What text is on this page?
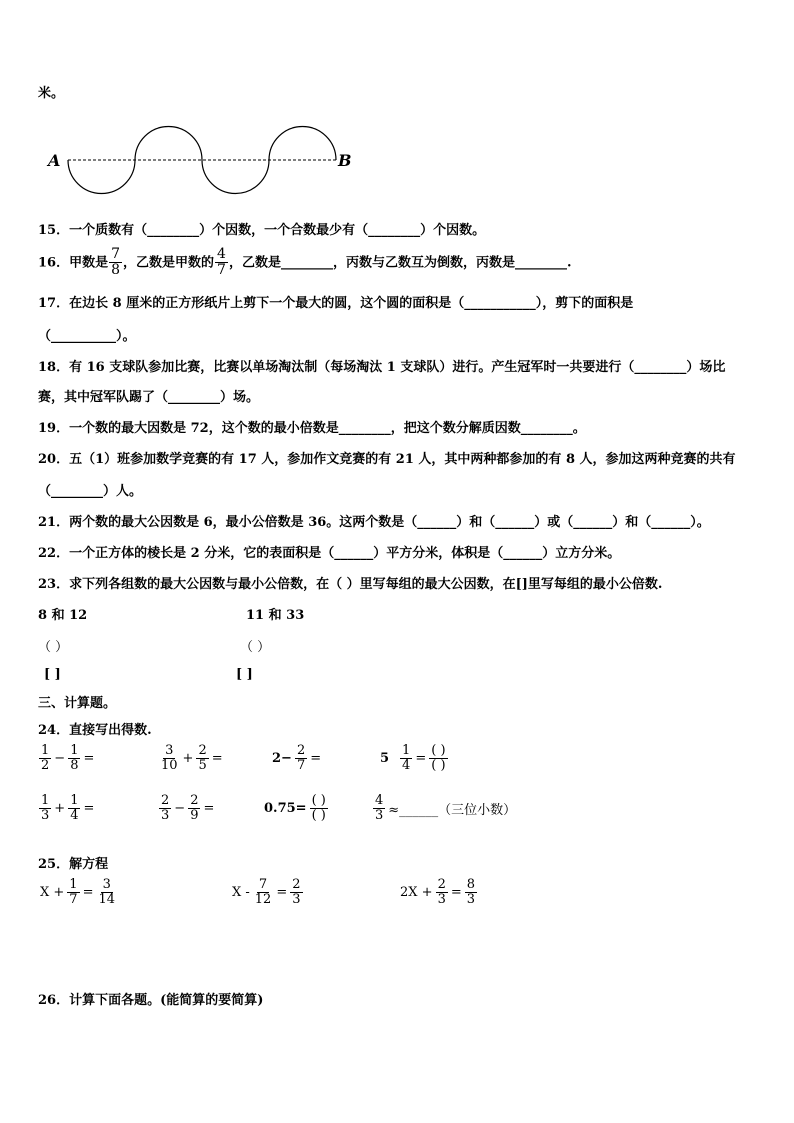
米。
A	B
15．一个质数有（________）个因数，一个合数最少有（________）个因数。
16．甲数是 $\frac{7}{8}$ ，乙数是甲数的 $\frac{4}{7}$ ，乙数是________，丙数与乙数互为倒数，丙数是________.
17．在边长 8 厘米的正方形纸片上剪下一个最大的圆，这个圆的面积是（___________），剪下的面积是
（__________）。
18．有 16 支球队参加比赛，比赛以单场淘汰制（每场淘汰 1 支球队）进行。产生冠军时一共要进行（________）场比
赛，其中冠军队踢了（________）场。
19．一个数的最大因数是 72，这个数的最小倍数是________，把这个数分解质因数________。
20．五（1）班参加数学竞赛的有 17 人，参加作文竞赛的有 21 人，其中两种都参加的有 8 人，参加这两种竞赛的共有
（________）人。
21．两个数的最大公因数是 6，最小公倍数是 36。这两个数是（______）和（______）或（______）和（______）。
22．一个正方体的棱长是 2 分米，它的表面积是（______）平方分米，体积是（______）立方分米。
23．求下列各组数的最大公因数与最小公倍数，在（ ）里写每组的最大公因数，在[]里写每组的最小公倍数.
8 和 12	11 和 33
（ ）	（ ）
[ ]	[ ]
三、计算题。
24．直接写出得数.
$\frac{1}{2} - \frac{1}{8}$ =	$\frac{3}{10} + \frac{2}{5}$ =	$2- \frac{2}{7}$ =	$5 \frac{1}{4} = \frac{( )}{( )}$
$\frac{1}{3} + \frac{1}{4}$ =	$\frac{2}{3} - \frac{2}{9}$ =	$0.75= \frac{( )}{( )}$	$\frac{4}{3}$ ≈______（三位小数）
25．解方程
$X + \frac{1}{7} = \frac{3}{14}$	$X - \frac{7}{12} = \frac{2}{3}$	$2X + \frac{2}{3} = \frac{8}{3}$
26．计算下面各题。(能简算的要简算)
